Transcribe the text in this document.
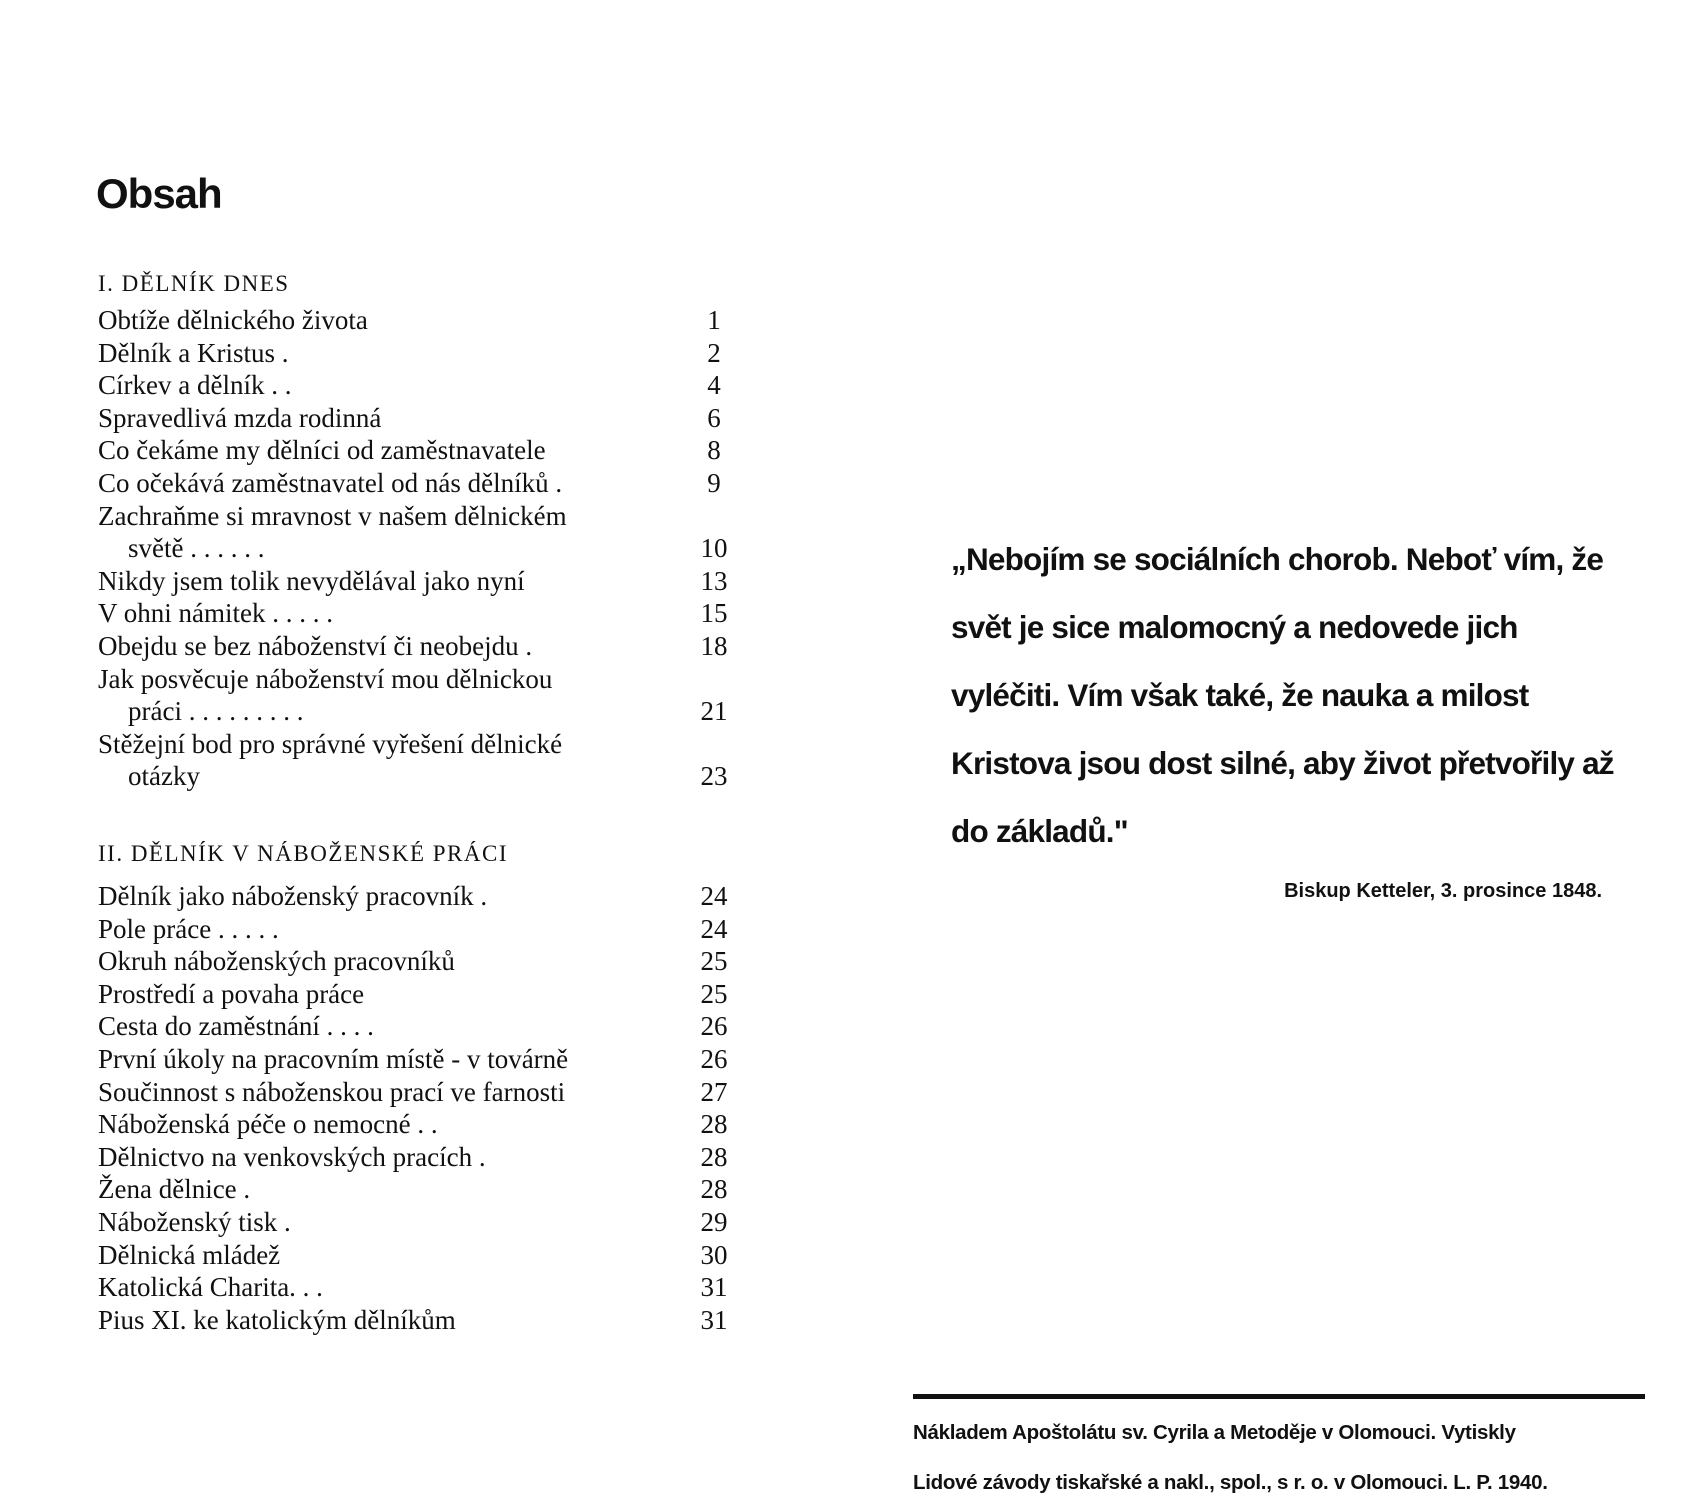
Obsah
I. DĚLNÍK DNES
Obtíže dělnického života	1
Dělník a Kristus .	2
Církev a dělník . .	4
Spravedlivá mzda rodinná	6
Co čekáme my dělníci od zaměstnavatele	8
Co očekává zaměstnavatel od nás dělníků .	9
Zachraňme si mravnost v našem dělnickém
světě . . . . . .	10
Nikdy jsem tolik nevydělával jako nyní	13
V ohni námitek . . . . .	15
Obejdu se bez náboženství či neobejdu .	18
Jak posvěcuje náboženství mou dělnickou
práci . . . . . . . . .	21
Stěžejní bod pro správné vyřešení dělnické
otázky	23
II. DĚLNÍK V NÁBOŽENSKÉ PRÁCI
Dělník jako náboženský pracovník .	24
Pole práce . . . . .	24
Okruh náboženských pracovníků	25
Prostředí a povaha práce	25
Cesta do zaměstnání . . . .	26
První úkoly na pracovním místě - v továrně	26
Součinnost s náboženskou prací ve farnosti	27
Náboženská péče o nemocné . .	28
Dělnictvo na venkovských pracích .	28
Žena dělnice .	28
Náboženský tisk .	29
Dělnická mládež	30
Katolická Charita. . .	31
Pius XI. ke katolickým dělníkům	31
„Nebojím se sociálních chorob. Neboť vím, že svět je sice malomocný a nedovede jich vyléčiti. Vím však také, že nauka a milost Kristova jsou dost silné, aby život přetvořily až do základů."
Biskup Ketteler, 3. prosince 1848.
Nákladem Apoštolátu sv. Cyrila a Metoděje v Olomouci. Vytiskly
Lidové závody tiskařské a nakl., spol., s r. o. v Olomouci. L. P. 1940.
